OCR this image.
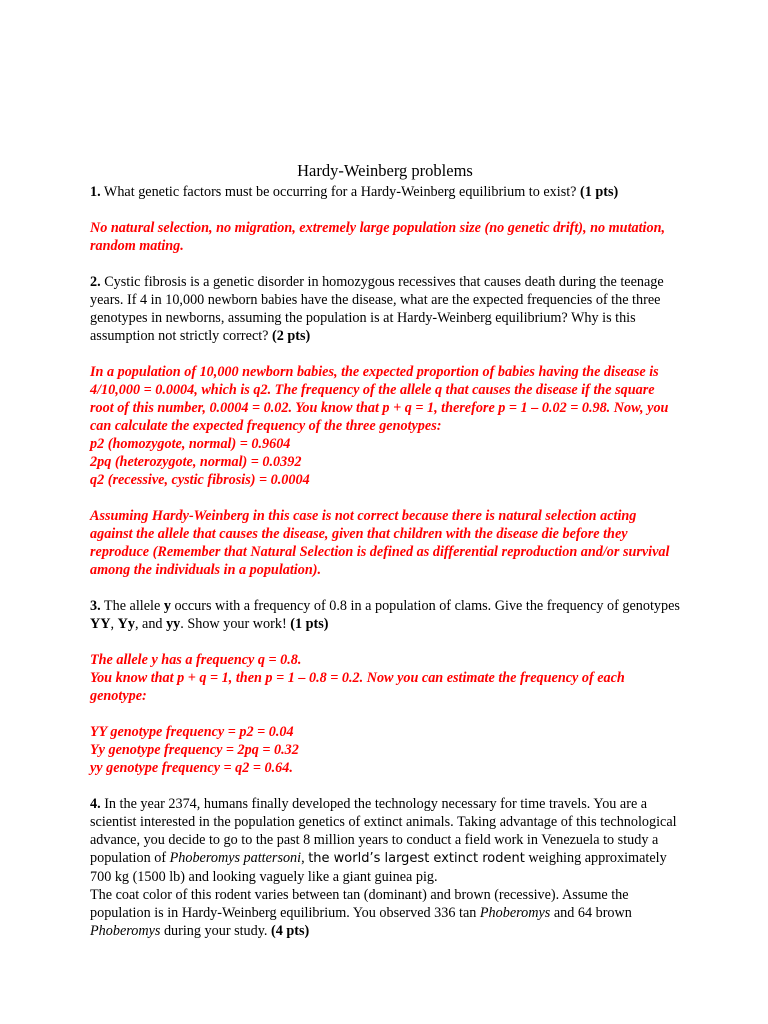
Hardy-Weinberg problems

1. What genetic factors must be occurring for a Hardy-Weinberg equilibrium to exist? (1 pts)

No natural selection, no migration, extremely large population size (no genetic drift), no mutation, random mating.

2. Cystic fibrosis is a genetic disorder in homozygous recessives that causes death during the teenage years. If 4 in 10,000 newborn babies have the disease, what are the expected frequencies of the three genotypes in newborns, assuming the population is at Hardy-Weinberg equilibrium? Why is this assumption not strictly correct? (2 pts)

In a population of 10,000 newborn babies, the expected proportion of babies having the disease is 4/10,000 = 0.0004, which is q2. The frequency of the allele q that causes the disease if the square root of this number, 0.0004 = 0.02. You know that p + q = 1, therefore p = 1 – 0.02 = 0.98. Now, you can calculate the expected frequency of the three genotypes:

p2 (homozygote, normal) = 0.9604

2pq (heterozygote, normal) = 0.0392

q2 (recessive, cystic fibrosis) = 0.0004

Assuming Hardy-Weinberg in this case is not correct because there is natural selection acting against the allele that causes the disease, given that children with the disease die before they reproduce (Remember that Natural Selection is defined as differential reproduction and/or survival among the individuals in a population).

3. The allele y occurs with a frequency of 0.8 in a population of clams. Give the frequency of genotypes YY, Yy, and yy. Show your work! (1 pts)

The allele y has a frequency q = 0.8.

You know that p + q = 1, then p = 1 – 0.8 = 0.2. Now you can estimate the frequency of each genotype:

YY genotype frequency = p2 = 0.04

Yy genotype frequency = 2pq = 0.32

yy genotype frequency = q2 = 0.64.

4. In the year 2374, humans finally developed the technology necessary for time travels. You are a scientist interested in the population genetics of extinct animals. Taking advantage of this technological advance, you decide to go to the past 8 million years to conduct a field work in Venezuela to study a population of Phoberomys pattersoni, the world’s largest extinct rodent weighing approximately 700 kg (1500 lb) and looking vaguely like a giant guinea pig.

The coat color of this rodent varies between tan (dominant) and brown (recessive). Assume the population is in Hardy-Weinberg equilibrium. You observed 336 tan Phoberomys and 64 brown Phoberomys during your study. (4 pts)
